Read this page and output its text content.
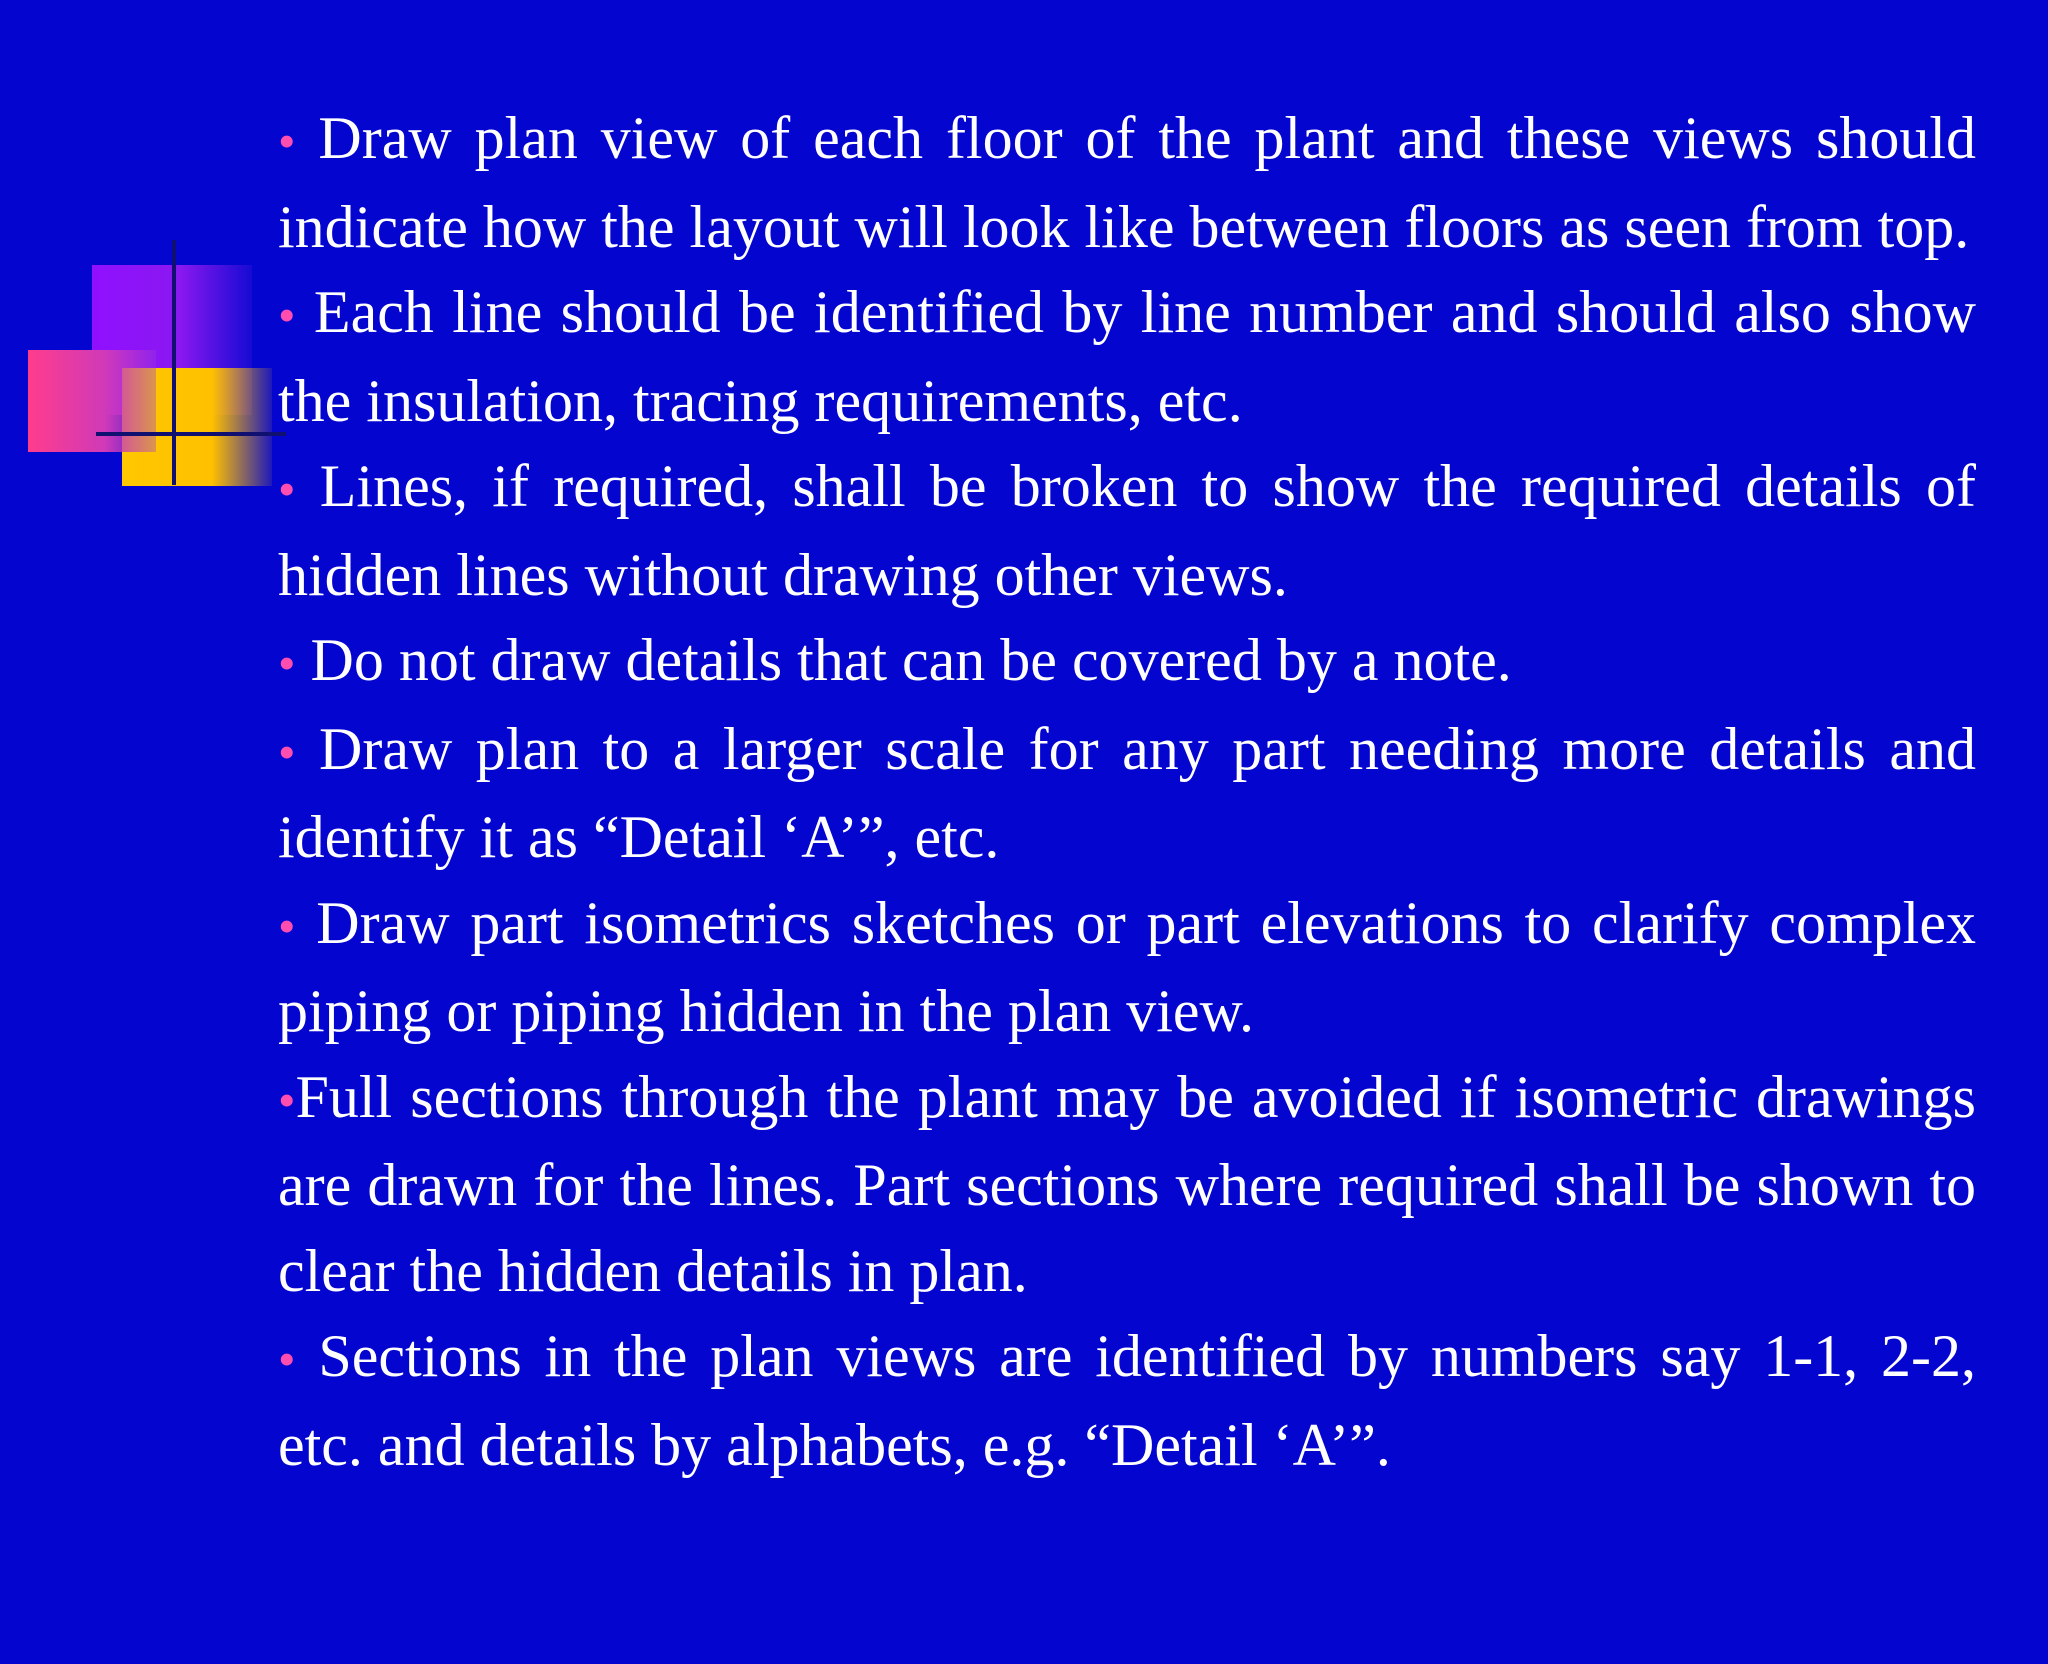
• Draw plan view of each floor of the plant and these views should indicate how the layout will look like between floors as seen from top.

• Each line should be identified by line number and should also show the insulation, tracing requirements, etc.

• Lines, if required, shall be broken to show the required details of hidden lines without drawing other views.

• Do not draw details that can be covered by a note.

• Draw plan to a larger scale for any part needing more details and identify it as “Detail ‘A’”, etc.

• Draw part isometrics sketches or part elevations to clarify complex piping or piping hidden in the plan view.

•Full sections through the plant may be avoided if isometric drawings are drawn for the lines. Part sections where required shall be shown to clear the hidden details in plan.

• Sections in the plan views are identified by numbers say 1-1, 2-2, etc. and details by alphabets, e.g. “Detail ‘A’”.
